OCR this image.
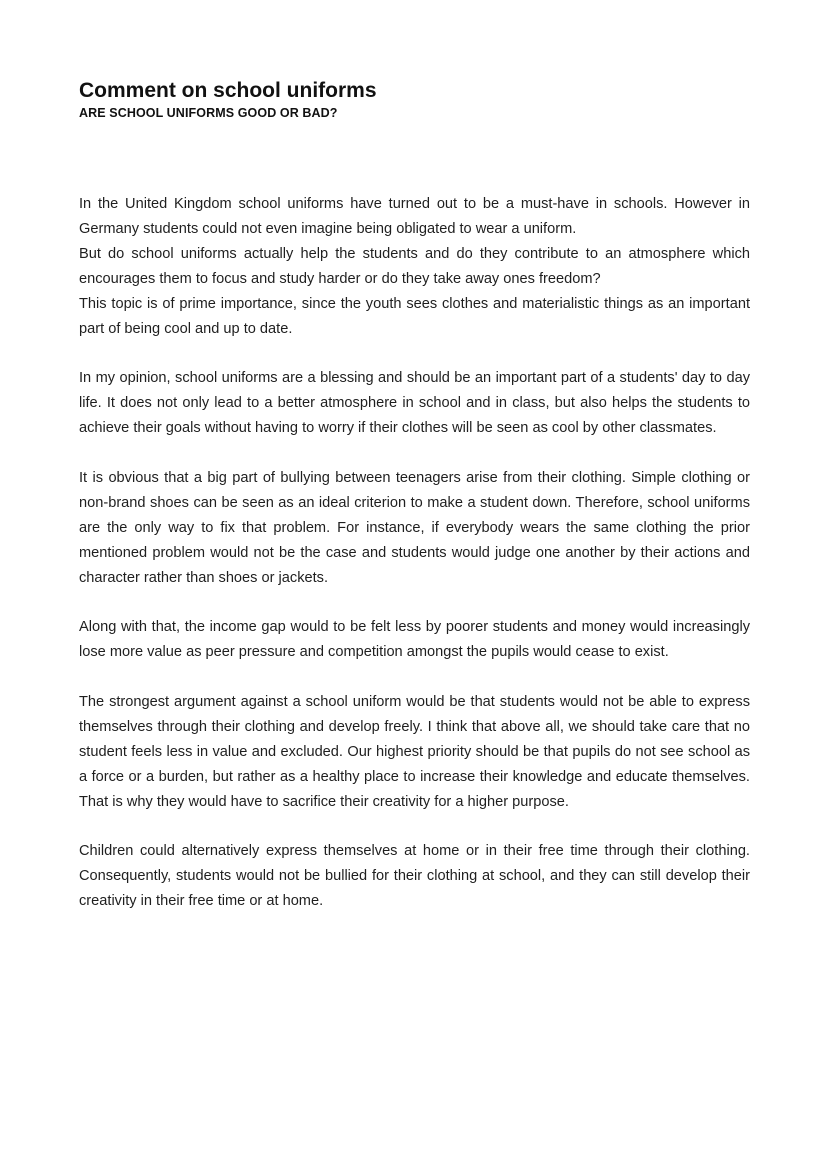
Comment on school uniforms
ARE SCHOOL UNIFORMS GOOD OR BAD?

In the United Kingdom school uniforms have turned out to be a must-have in schools. However in Germany students could not even imagine being obligated to wear a uniform.
But do school uniforms actually help the students and do they contribute to an atmosphere which encourages them to focus and study harder or do they take away ones freedom?
This topic is of prime importance, since the youth sees clothes and materialistic things as an important part of being cool and up to date.

In my opinion, school uniforms are a blessing and should be an important part of a students' day to day life. It does not only lead to a better atmosphere in school and in class, but also helps the students to achieve their goals without having to worry if their clothes will be seen as cool by other classmates.

It is obvious that a big part of bullying between teenagers arise from their clothing. Simple clothing or non-brand shoes can be seen as an ideal criterion to make a student down. Therefore, school uniforms are the only way to fix that problem. For instance, if everybody wears the same clothing the prior mentioned problem would not be the case and students would judge one another by their actions and character rather than shoes or jackets.

Along with that, the income gap would to be felt less by poorer students and money would increasingly lose more value as peer pressure and competition amongst the pupils would cease to exist.

The strongest argument against a school uniform would be that students would not be able to express themselves through their clothing and develop freely. I think that above all, we should take care that no student feels less in value and excluded. Our highest priority should be that pupils do not see school as a force or a burden, but rather as a healthy place to increase their knowledge and educate themselves. That is why they would have to sacrifice their creativity for a higher purpose.

Children could alternatively express themselves at home or in their free time through their clothing. Consequently, students would not be bullied for their clothing at school, and they can still develop their creativity in their free time or at home.
